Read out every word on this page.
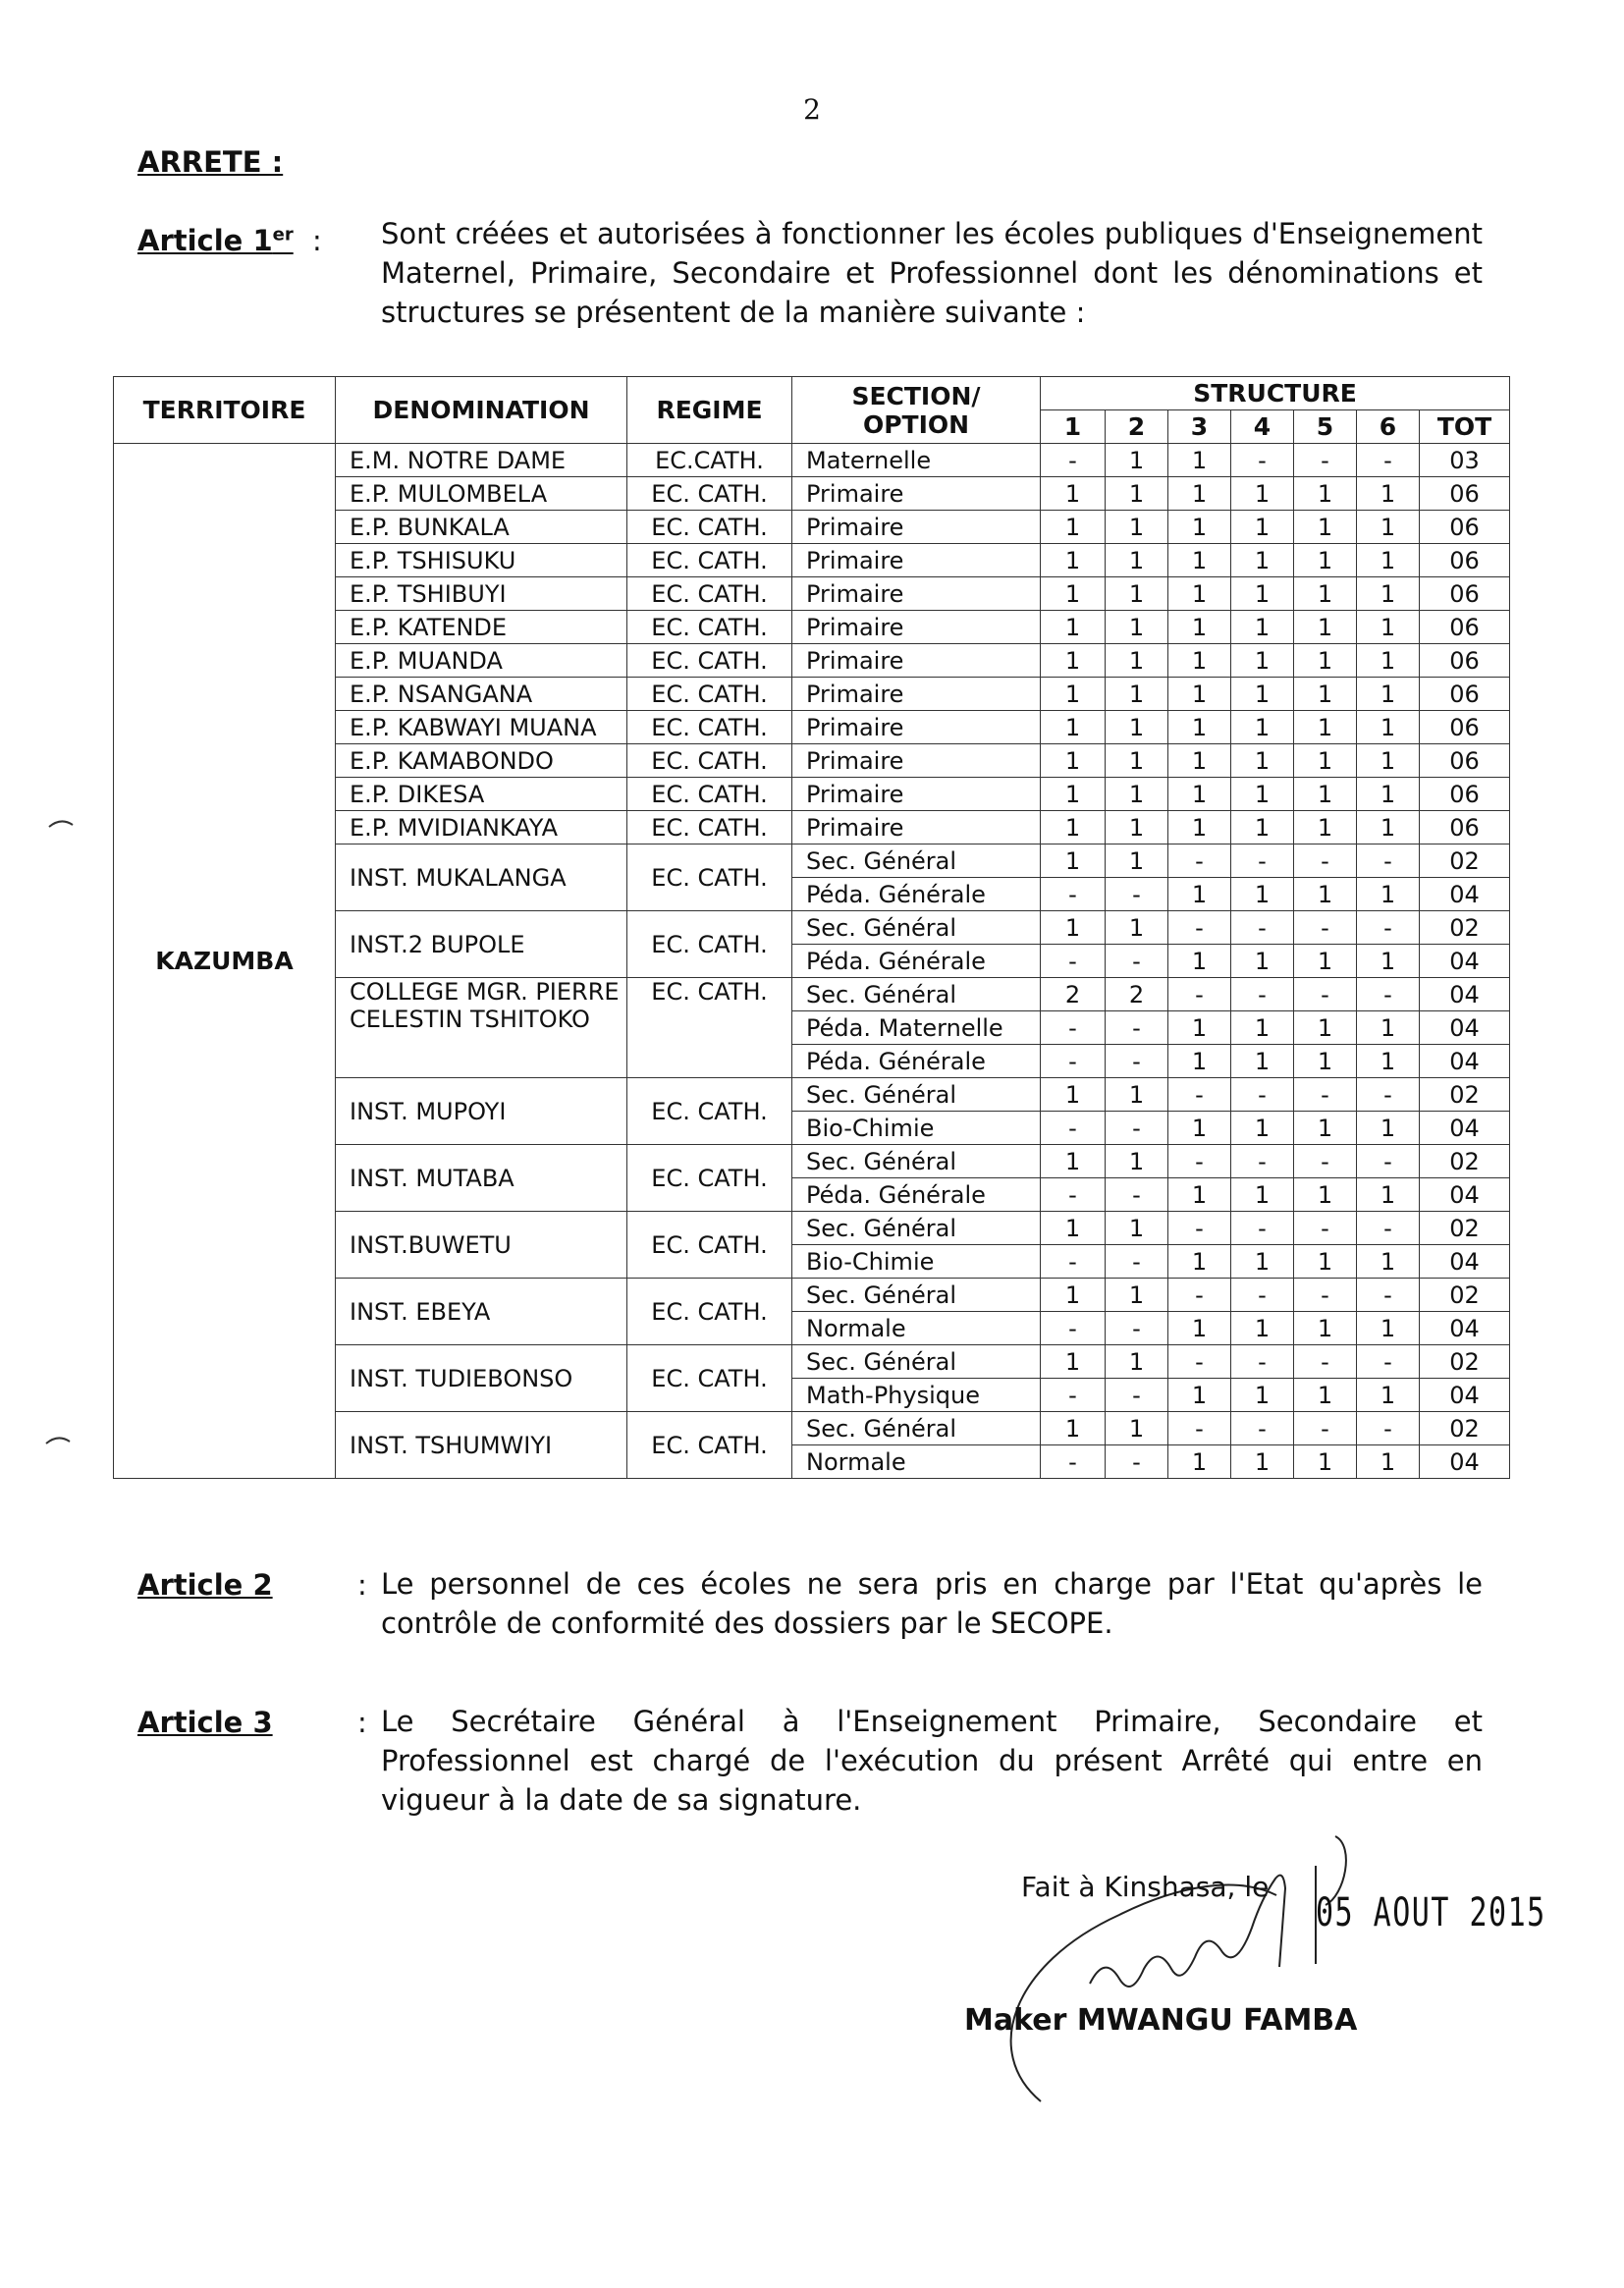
2
ARRETE :
Article 1er : Sont créées et autorisées à fonctionner les écoles publiques d'Enseignement Maternel, Primaire, Secondaire et Professionnel dont les dénominations et structures se présentent de la manière suivante :
TERRITOIRE	DENOMINATION	REGIME	SECTION/ OPTION	STRUCTURE						
				1	2	3	4	5	6	TOT
KAZUMBA	E.M. NOTRE DAME	EC.CATH.	Maternelle	-	1	1	-	-	-	03
	E.P. MULOMBELA	EC. CATH.	Primaire	1	1	1	1	1	1	06
	E.P. BUNKALA	EC. CATH.	Primaire	1	1	1	1	1	1	06
	E.P. TSHISUKU	EC. CATH.	Primaire	1	1	1	1	1	1	06
	E.P. TSHIBUYI	EC. CATH.	Primaire	1	1	1	1	1	1	06
	E.P. KATENDE	EC. CATH.	Primaire	1	1	1	1	1	1	06
	E.P. MUANDA	EC. CATH.	Primaire	1	1	1	1	1	1	06
	E.P. NSANGANA	EC. CATH.	Primaire	1	1	1	1	1	1	06
	E.P. KABWAYI MUANA	EC. CATH.	Primaire	1	1	1	1	1	1	06
	E.P. KAMABONDO	EC. CATH.	Primaire	1	1	1	1	1	1	06
	E.P. DIKESA	EC. CATH.	Primaire	1	1	1	1	1	1	06
	E.P. MVIDIANKAYA	EC. CATH.	Primaire	1	1	1	1	1	1	06
	INST. MUKALANGA	EC. CATH.	Sec. Général	1	1	-	-	-	-	02
			Péda. Générale	-	-	1	1	1	1	04
	INST.2 BUPOLE	EC. CATH.	Sec. Général	1	1	-	-	-	-	02
			Péda. Générale	-	-	1	1	1	1	04
	COLLEGE MGR. PIERRE CELESTIN TSHITOKO	EC. CATH.	Sec. Général	2	2	-	-	-	-	04
			Péda. Maternelle	-	-	1	1	1	1	04
			Péda. Générale	-	-	1	1	1	1	04
	INST. MUPOYI	EC. CATH.	Sec. Général	1	1	-	-	-	-	02
			Bio-Chimie	-	-	1	1	1	1	04
	INST. MUTABA	EC. CATH.	Sec. Général	1	1	-	-	-	-	02
			Péda. Générale	-	-	1	1	1	1	04
	INST.BUWETU	EC. CATH.	Sec. Général	1	1	-	-	-	-	02
			Bio-Chimie	-	-	1	1	1	1	04
	INST. EBEYA	EC. CATH.	Sec. Général	1	1	-	-	-	-	02
			Normale	-	-	1	1	1	1	04
	INST. TUDIEBONSO	EC. CATH.	Sec. Général	1	1	-	-	-	-	02
			Math-Physique	-	-	1	1	1	1	04
	INST. TSHUMWIYI	EC. CATH.	Sec. Général	1	1	-	-	-	-	02
			Normale	-	-	1	1	1	1	04
Article 2	: Le personnel de ces écoles ne sera pris en charge par l'Etat qu'après le contrôle de conformité des dossiers par le SECOPE.
Article 3	: Le Secrétaire Général à l'Enseignement Primaire, Secondaire et Professionnel est chargé de l'exécution du présent Arrêté qui entre en vigueur à la date de sa signature.
Fait à Kinshasa, le
05 AOUT 2015
Maker MWANGU FAMBA
